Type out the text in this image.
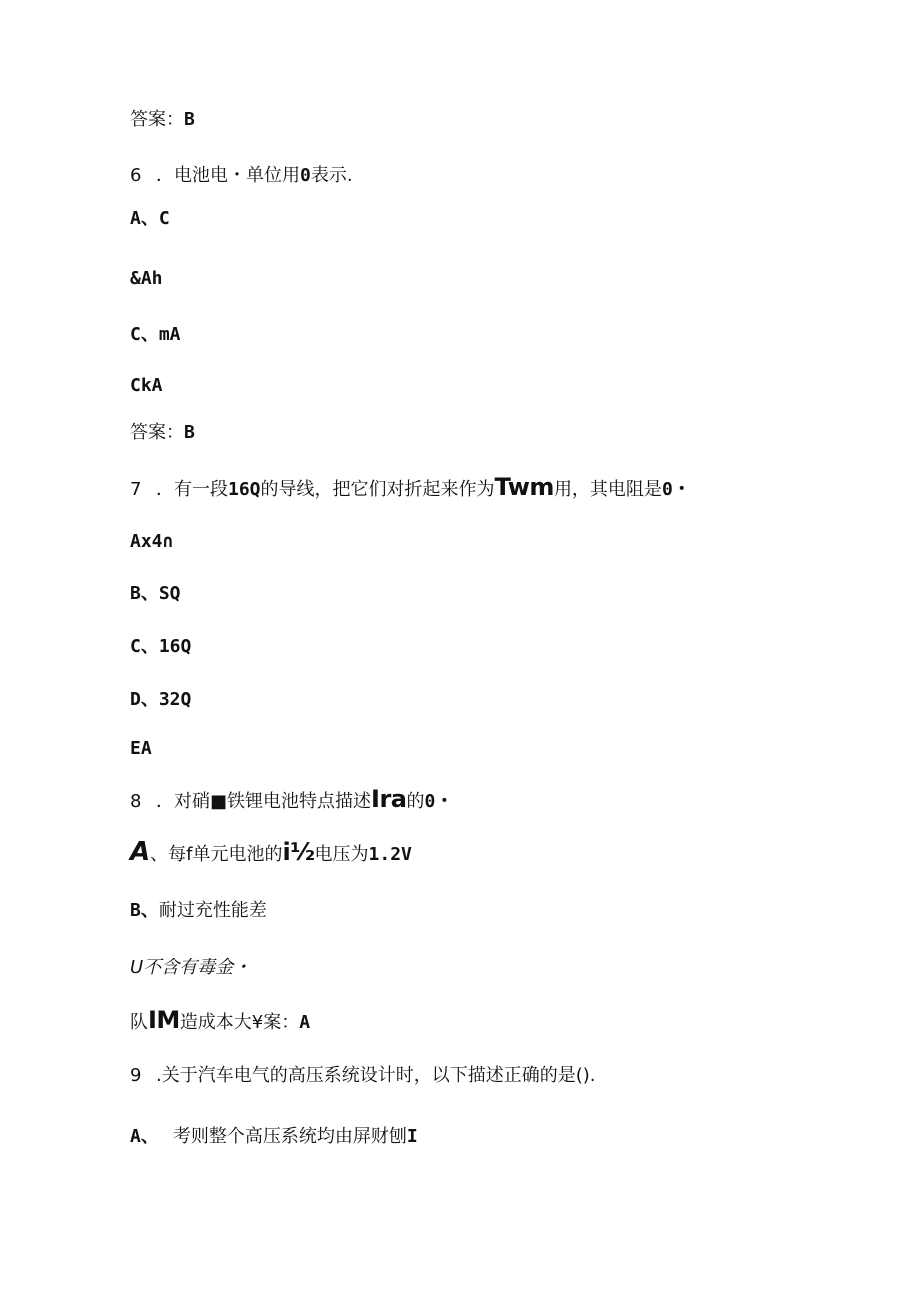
答案：B
6 ．电池电・单位用0表示.
A、C
&Ah
C、mA
CkA
答案：B
7 ．有一段16Q的导线，把它们对折起来作为Twm用，其电阻是0・
Ax4∩
B、SQ
C、16Q
D、32Q
EA
8 ．对硝■铁锂电池特点描述Ira的0・
A、每f单元电池的i½电压为1.2V
B、耐过充性能差
U不含有毒金・
队IM造成本大¥案：A
9 .关于汽车电气的高压系统设计时，以下描述正确的是().
A、 考则整个高压系统均由屏财刨I
